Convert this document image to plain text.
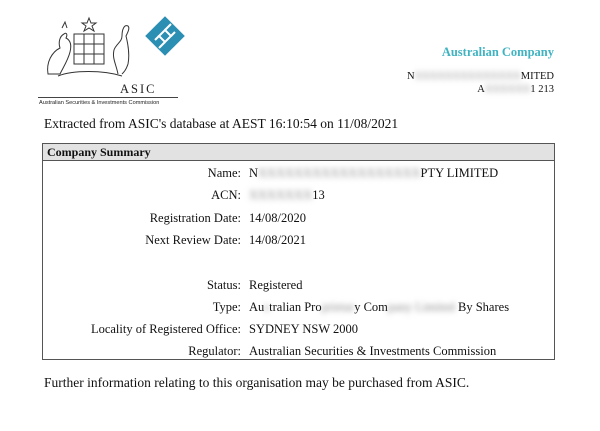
ASIC
Australian Securities & Investments Commission
Australian Company
NXXXXXXXXXXXXXXMITED
AXXXXXX1 213
Extracted from ASIC's database at AEST 16:10:54 on 11/08/2021
Company Summary
Name: NXXXXXXXXXXXXXXXXXXPTY LIMITED
ACN: XXXXXXX13
Registration Date: 14/08/2020
Next Review Date: 14/08/2021
Status: Registered
Type: Australian Proprietary Company Limited By Shares
Locality of Registered Office: SYDNEY NSW 2000
Regulator: Australian Securities & Investments Commission
Further information relating to this organisation may be purchased from ASIC.
